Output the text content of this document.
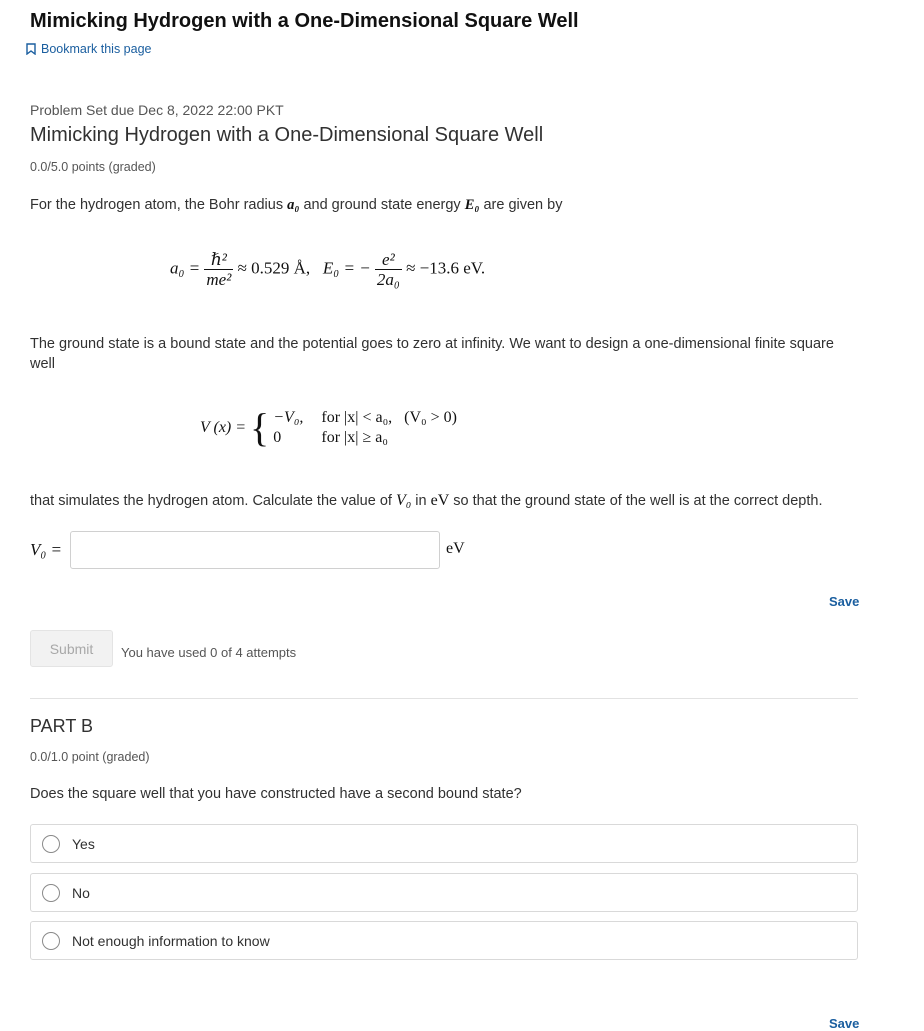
Mimicking Hydrogen with a One-Dimensional Square Well
Bookmark this page
Problem Set due Dec 8, 2022 22:00 PKT
Mimicking Hydrogen with a One-Dimensional Square Well
0.0/5.0 points (graded)
For the hydrogen atom, the Bohr radius a₀ and ground state energy E₀ are given by
$a_0 = \frac{\text{ℏ²}}{\text{me²}} \approx 0.529$ Å, E₀ = − $\frac{\text{e²}}{\text{2a₀}} \approx -13.6$ eV.
The ground state is a bound state and the potential goes to zero at infinity. We want to design a one-dimensional finite square well
V (x) = { −V₀, for |x| < a₀, (V₀ > 0)
0	for |x| ≥ a₀
that simulates the hydrogen atom. Calculate the value of V₀ in eV so that the ground state of the well is at the correct depth.
V₀ =	eV
Save
Submit	You have used 0 of 4 attempts
PART B
0.0/1.0 point (graded)
Does the square well that you have constructed have a second bound state?
Yes
No
Not enough information to know
Save
